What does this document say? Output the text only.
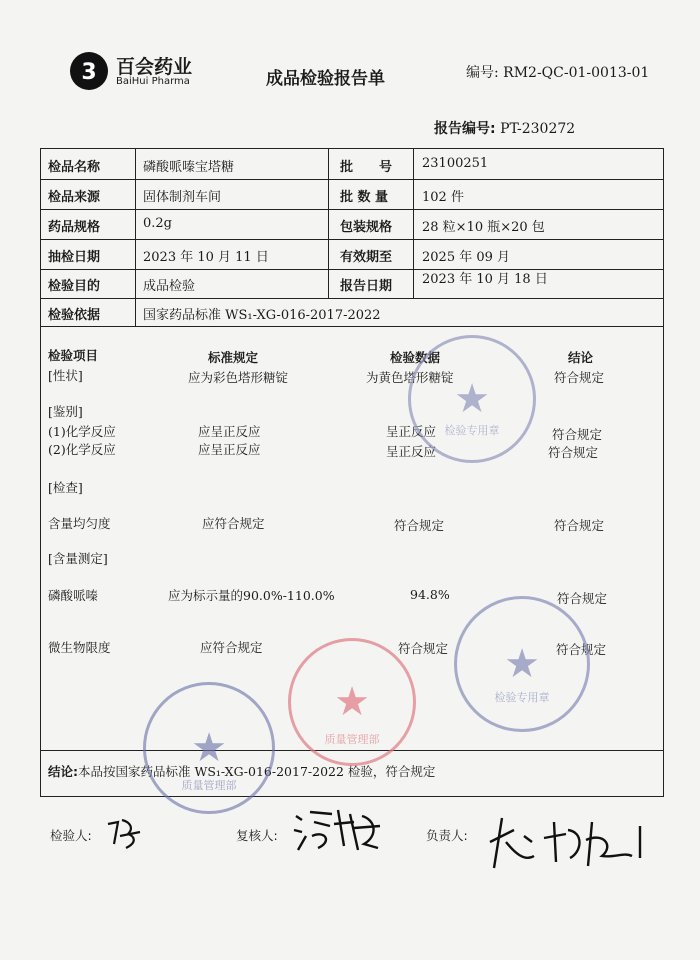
3 百会药业
BaiHui Pharma	成品检验报告单	编号: RM2-QC-01-0013-01
报告编号: PT-230272
检品名称	磷酸哌嗪宝塔糖	批　　号 23100251
检品来源	固体制剂车间	批 数 量	102 件
药品规格	0.2g	包装规格 28 粒×10 瓶×20 包
抽检日期	2023 年 10 月 11 日	有效期至 2025 年 09 月
检验目的	成品检验	报告日期 2023 年 10 月 18 日
检验依据	国家药品标准 WS₁-XG-016-2017-2022
检验项目	标准规定	检验数据	结论
[性状]	应为彩色塔形糖锭	为黄色塔形糖锭	符合规定
[鉴别]
(1)化学反应	应呈正反应	呈正反应	符合规定
(2)化学反应	应呈正反应	呈正反应	符合规定
[检查]
含量均匀度	应符合规定	符合规定	符合规定
[含量测定]
磷酸哌嗪	应为标示量的90.0%-110.0%	94.8%	符合规定
微生物限度	应符合规定	符合规定	符合规定
结论:本品按国家药品标准 WS₁-XG-016-2017-2022 检验，符合规定
★
检验专用章
★
质量管理部
★
质量管理部
★
检验专用章
检验人:	复核人:	负责人:
